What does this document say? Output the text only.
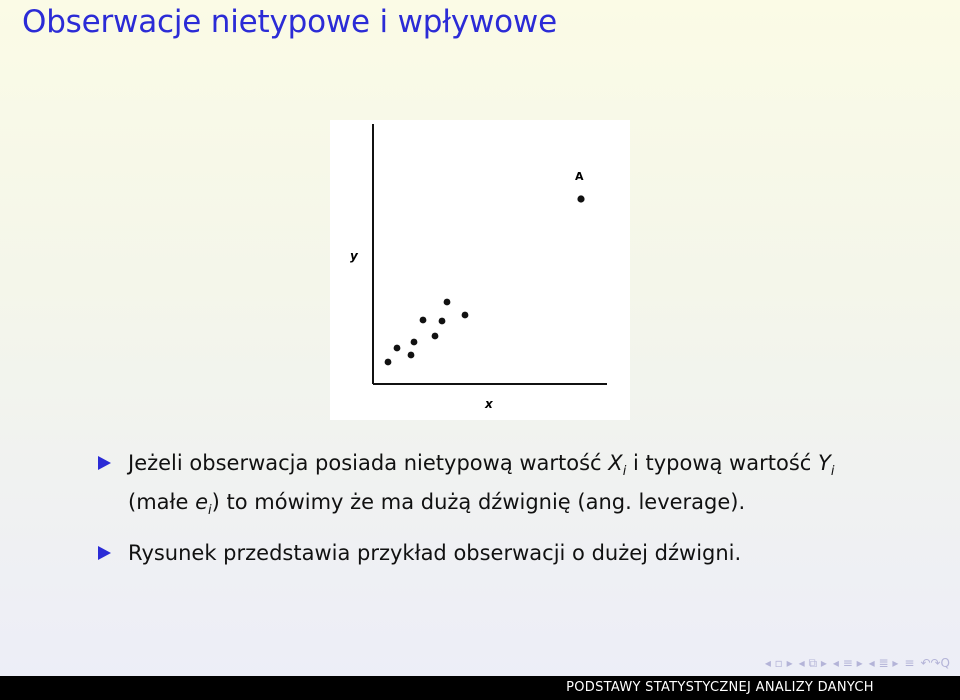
Obserwacje nietypowe i wpływowe
y
x
A
Jeżeli obserwacja posiada nietypową wartość $X_i$ i typową wartość $Y_i$ (małe $e_i$) to mówimy że ma dużą dźwignię (ang. leverage).
Rysunek przedstawia przykład obserwacji o dużej dźwigni.
◂ ▫ ▸ ◂ ⧉ ▸ ◂ ≡ ▸ ◂ ≣ ▸ ≡ ↶↷Q
PODSTAWY STATYSTYCZNEJ ANALIZY DANYCH
